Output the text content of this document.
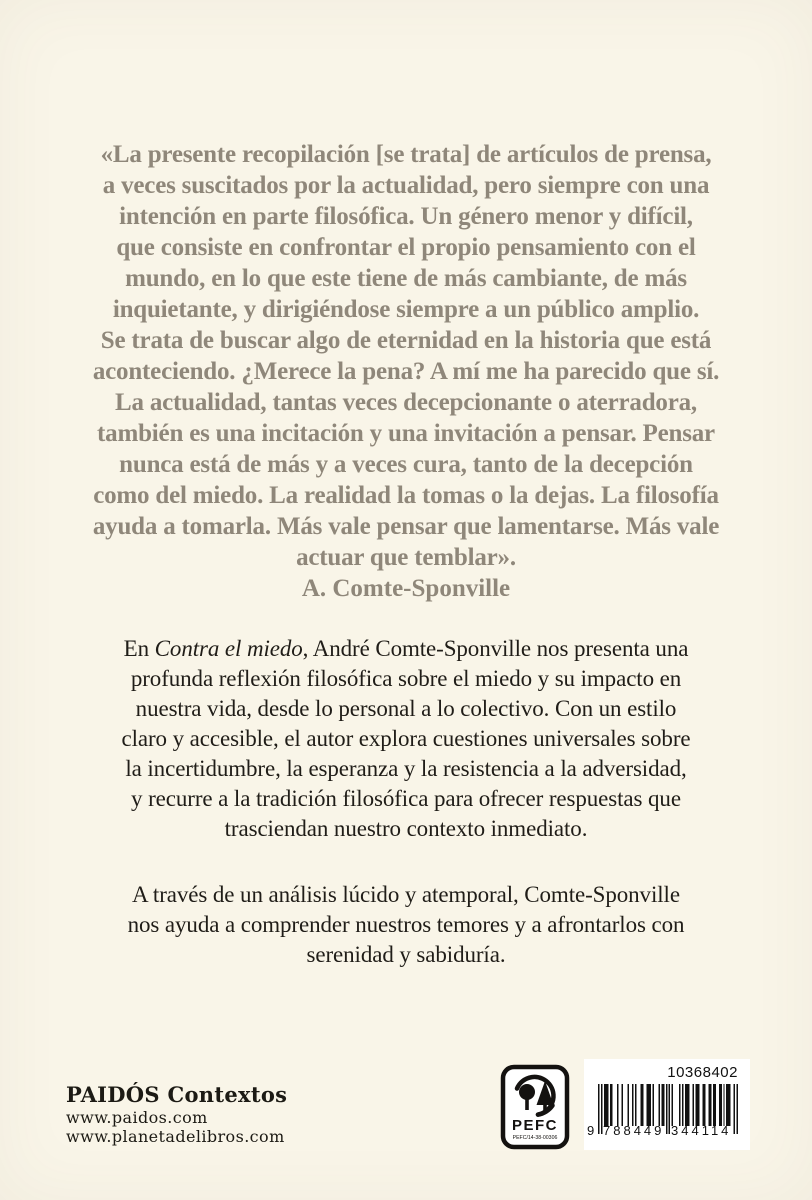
«La presente recopilación [se trata] de artículos de prensa,
a veces suscitados por la actualidad, pero siempre con una
intención en parte filosófica. Un género menor y difícil,
que consiste en confrontar el propio pensamiento con el
mundo, en lo que este tiene de más cambiante, de más
inquietante, y dirigiéndose siempre a un público amplio.
Se trata de buscar algo de eternidad en la historia que está
aconteciendo. ¿Merece la pena? A mí me ha parecido que sí.
La actualidad, tantas veces decepcionante o aterradora,
también es una incitación y una invitación a pensar. Pensar
nunca está de más y a veces cura, tanto de la decepción
como del miedo. La realidad la tomas o la dejas. La filosofía
ayuda a tomarla. Más vale pensar que lamentarse. Más vale
actuar que temblar».
A. Comte-Sponville
En Contra el miedo, André Comte-Sponville nos presenta una
profunda reflexión filosófica sobre el miedo y su impacto en
nuestra vida, desde lo personal a lo colectivo. Con un estilo
claro y accesible, el autor explora cuestiones universales sobre
la incertidumbre, la esperanza y la resistencia a la adversidad,
y recurre a la tradición filosófica para ofrecer respuestas que
trasciendan nuestro contexto inmediato.
A través de un análisis lúcido y atemporal, Comte-Sponville
nos ayuda a comprender nuestros temores y a afrontarlos con
serenidad y sabiduría.
PAIDÓS Contextos
www.paidos.com
www.planetadelibros.com
PEFC
PEFC/14-38-00306
10368402
9 788449 344114
